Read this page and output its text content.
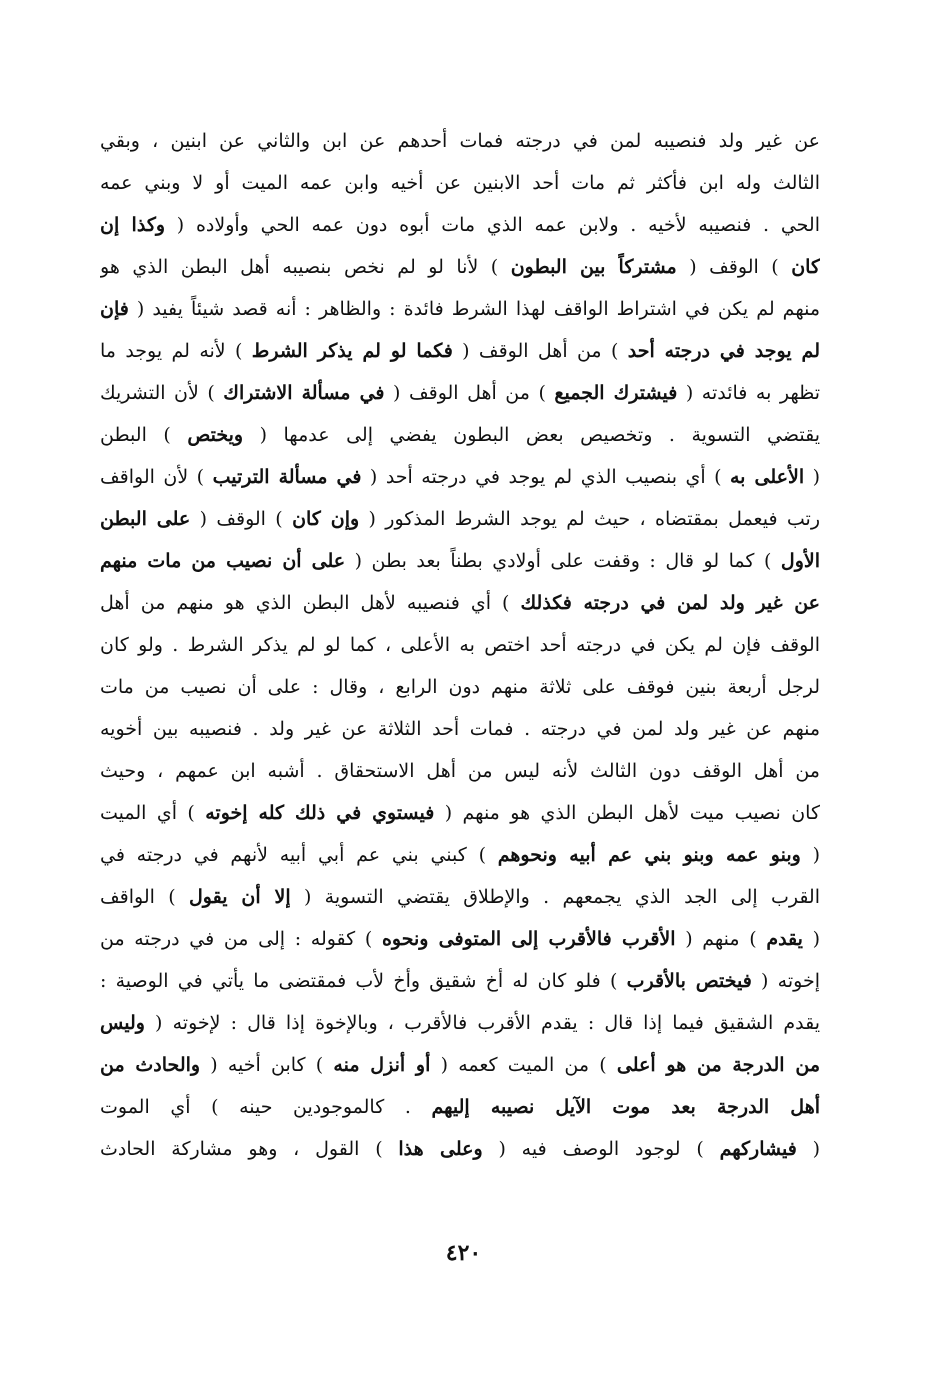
عن غير ولد فنصيبه لمن في درجته فمات أحدهم عن ابن والثاني عن ابنين ، وبقي
الثالث وله ابن فأكثر ثم مات أحد الابنين عن أخيه وابن عمه الميت أو لا وبني عمه
الحي . فنصيبه لأخيه . ولابن عمه الذي مات أبوه دون عمه الحي وأولاده ( وكذا إن
كان ) الوقف ( مشتركاً بين البطون ) لأنا لو لم نخص بنصيبه أهل البطن الذي هو
منهم لم يكن في اشتراط الواقف لهذا الشرط فائدة : والظاهر : أنه قصد شيئاً يفيد ( فإن
لم يوجد في درجته أحد ) من أهل الوقف ( فكما لو لم يذكر الشرط ) لأنه لم يوجد ما
تظهر به فائدته ( فيشترك الجميع ) من أهل الوقف ( في مسألة الاشتراك ) لأن التشريك
يقتضي التسوية . وتخصيص بعض البطون يفضي إلى عدمها ( ويختص ) البطن
( الأعلى به ) أي بنصيب الذي لم يوجد في درجته أحد ( في مسألة الترتيب ) لأن الواقف
رتب فيعمل بمقتضاه ، حيث لم يوجد الشرط المذكور ( وإن كان ) الوقف ( على البطن
الأول ) كما لو قال : وقفت على أولادي بطناً بعد بطن ( على أن نصيب من مات منهم
عن غير ولد لمن في درجته فكذلك ) أي فنصيبه لأهل البطن الذي هو منهم من أهل
الوقف فإن لم يكن في درجته أحد اختص به الأعلى ، كما لو لم يذكر الشرط . ولو كان
لرجل أربعة بنين فوقف على ثلاثة منهم دون الرابع ، وقال : على أن نصيب من مات
منهم عن غير ولد لمن في درجته . فمات أحد الثلاثة عن غير ولد . فنصيبه بين أخويه
من أهل الوقف دون الثالث لأنه ليس من أهل الاستحقاق . أشبه ابن عمهم ، وحيث
كان نصيب ميت لأهل البطن الذي هو منهم ( فيستوي في ذلك كله إخوته ) أي الميت
( وبنو عمه وبنو بني عم أبيه ونحوهم ) كبني بني عم أبي أبيه لأنهم في درجته في
القرب إلى الجد الذي يجمعهم . والإطلاق يقتضي التسوية ( إلا أن يقول ) الواقف
( يقدم ) منهم ( الأقرب فالأقرب إلى المتوفى ونحوه ) كقوله : إلى من في درجته من
إخوته ( فيختص بالأقرب ) فلو كان له أخ شقيق وأخ لأب فمقتضى ما يأتي في الوصية :
يقدم الشقيق فيما إذا قال : يقدم الأقرب فالأقرب ، وبالإخوة إذا قال : لإخوته ( وليس
من الدرجة من هو أعلى ) من الميت كعمه ( أو أنزل منه ) كابن أخيه ( والحادث من
أهل الدرجة بعد موت الآيل نصيبه إليهم . كالموجودين حينه ) أي الموت
( فيشاركهم ) لوجود الوصف فيه ( وعلى هذا ) القول ، وهو مشاركة الحادث
٤٢٠
